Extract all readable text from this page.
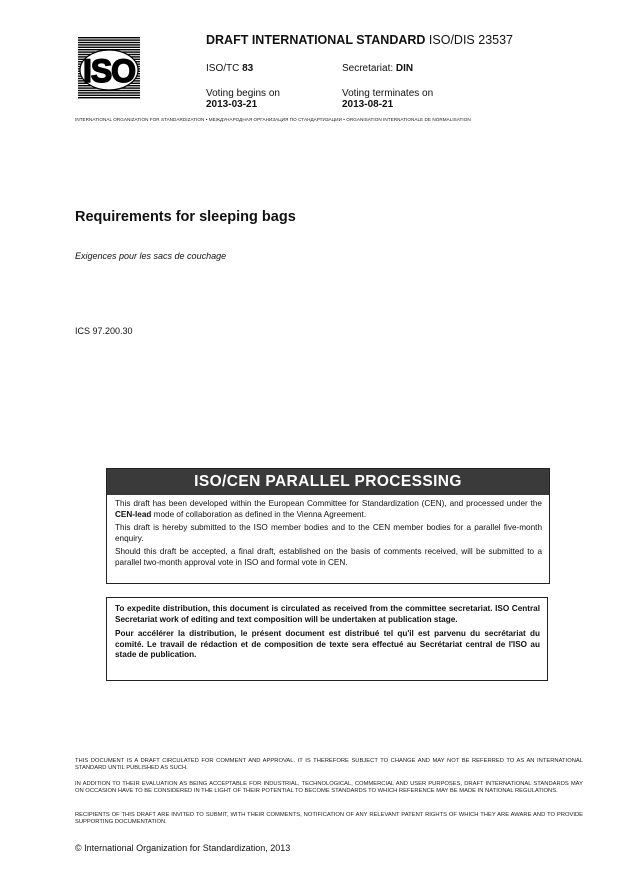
ISO
DRAFT INTERNATIONAL STANDARD ISO/DIS 23537
ISO/TC 83	Secretariat: DIN
Voting begins on
2013-03-21
Voting terminates on
2013-08-21
INTERNATIONAL ORGANIZATION FOR STANDARDIZATION • МЕЖДУНАРОДНАЯ ОРГАНИЗАЦИЯ ПО СТАНДАРТИЗАЦИИ • ORGANISATION INTERNATIONALE DE NORMALISATION
Requirements for sleeping bags
Exigences pour les sacs de couchage
ICS 97.200.30
ISO/CEN PARALLEL PROCESSING

This draft has been developed within the European Committee for Standardization (CEN), and processed under the CEN-lead mode of collaboration as defined in the Vienna Agreement.

This draft is hereby submitted to the ISO member bodies and to the CEN member bodies for a parallel five-month enquiry.

Should this draft be accepted, a final draft, established on the basis of comments received, will be submitted to a parallel two-month approval vote in ISO and formal vote in CEN.

To expedite distribution, this document is circulated as received from the committee secretariat. ISO Central Secretariat work of editing and text composition will be undertaken at publication stage.

Pour accélérer la distribution, le présent document est distribué tel qu'il est parvenu du secrétariat du comité. Le travail de rédaction et de composition de texte sera effectué au Secrétariat central de l'ISO au stade de publication.

THIS DOCUMENT IS A DRAFT CIRCULATED FOR COMMENT AND APPROVAL. IT IS THEREFORE SUBJECT TO CHANGE AND MAY NOT BE REFERRED TO AS AN INTERNATIONAL STANDARD UNTIL PUBLISHED AS SUCH.
IN ADDITION TO THEIR EVALUATION AS BEING ACCEPTABLE FOR INDUSTRIAL, TECHNOLOGICAL, COMMERCIAL AND USER PURPOSES, DRAFT INTERNATIONAL STANDARDS MAY ON OCCASION HAVE TO BE CONSIDERED IN THE LIGHT OF THEIR POTENTIAL TO BECOME STANDARDS TO WHICH REFERENCE MAY BE MADE IN NATIONAL REGULATIONS.
RECIPIENTS OF THIS DRAFT ARE INVITED TO SUBMIT, WITH THEIR COMMENTS, NOTIFICATION OF ANY RELEVANT PATENT RIGHTS OF WHICH THEY ARE AWARE AND TO PROVIDE SUPPORTING DOCUMENTATION.
© International Organization for Standardization, 2013
